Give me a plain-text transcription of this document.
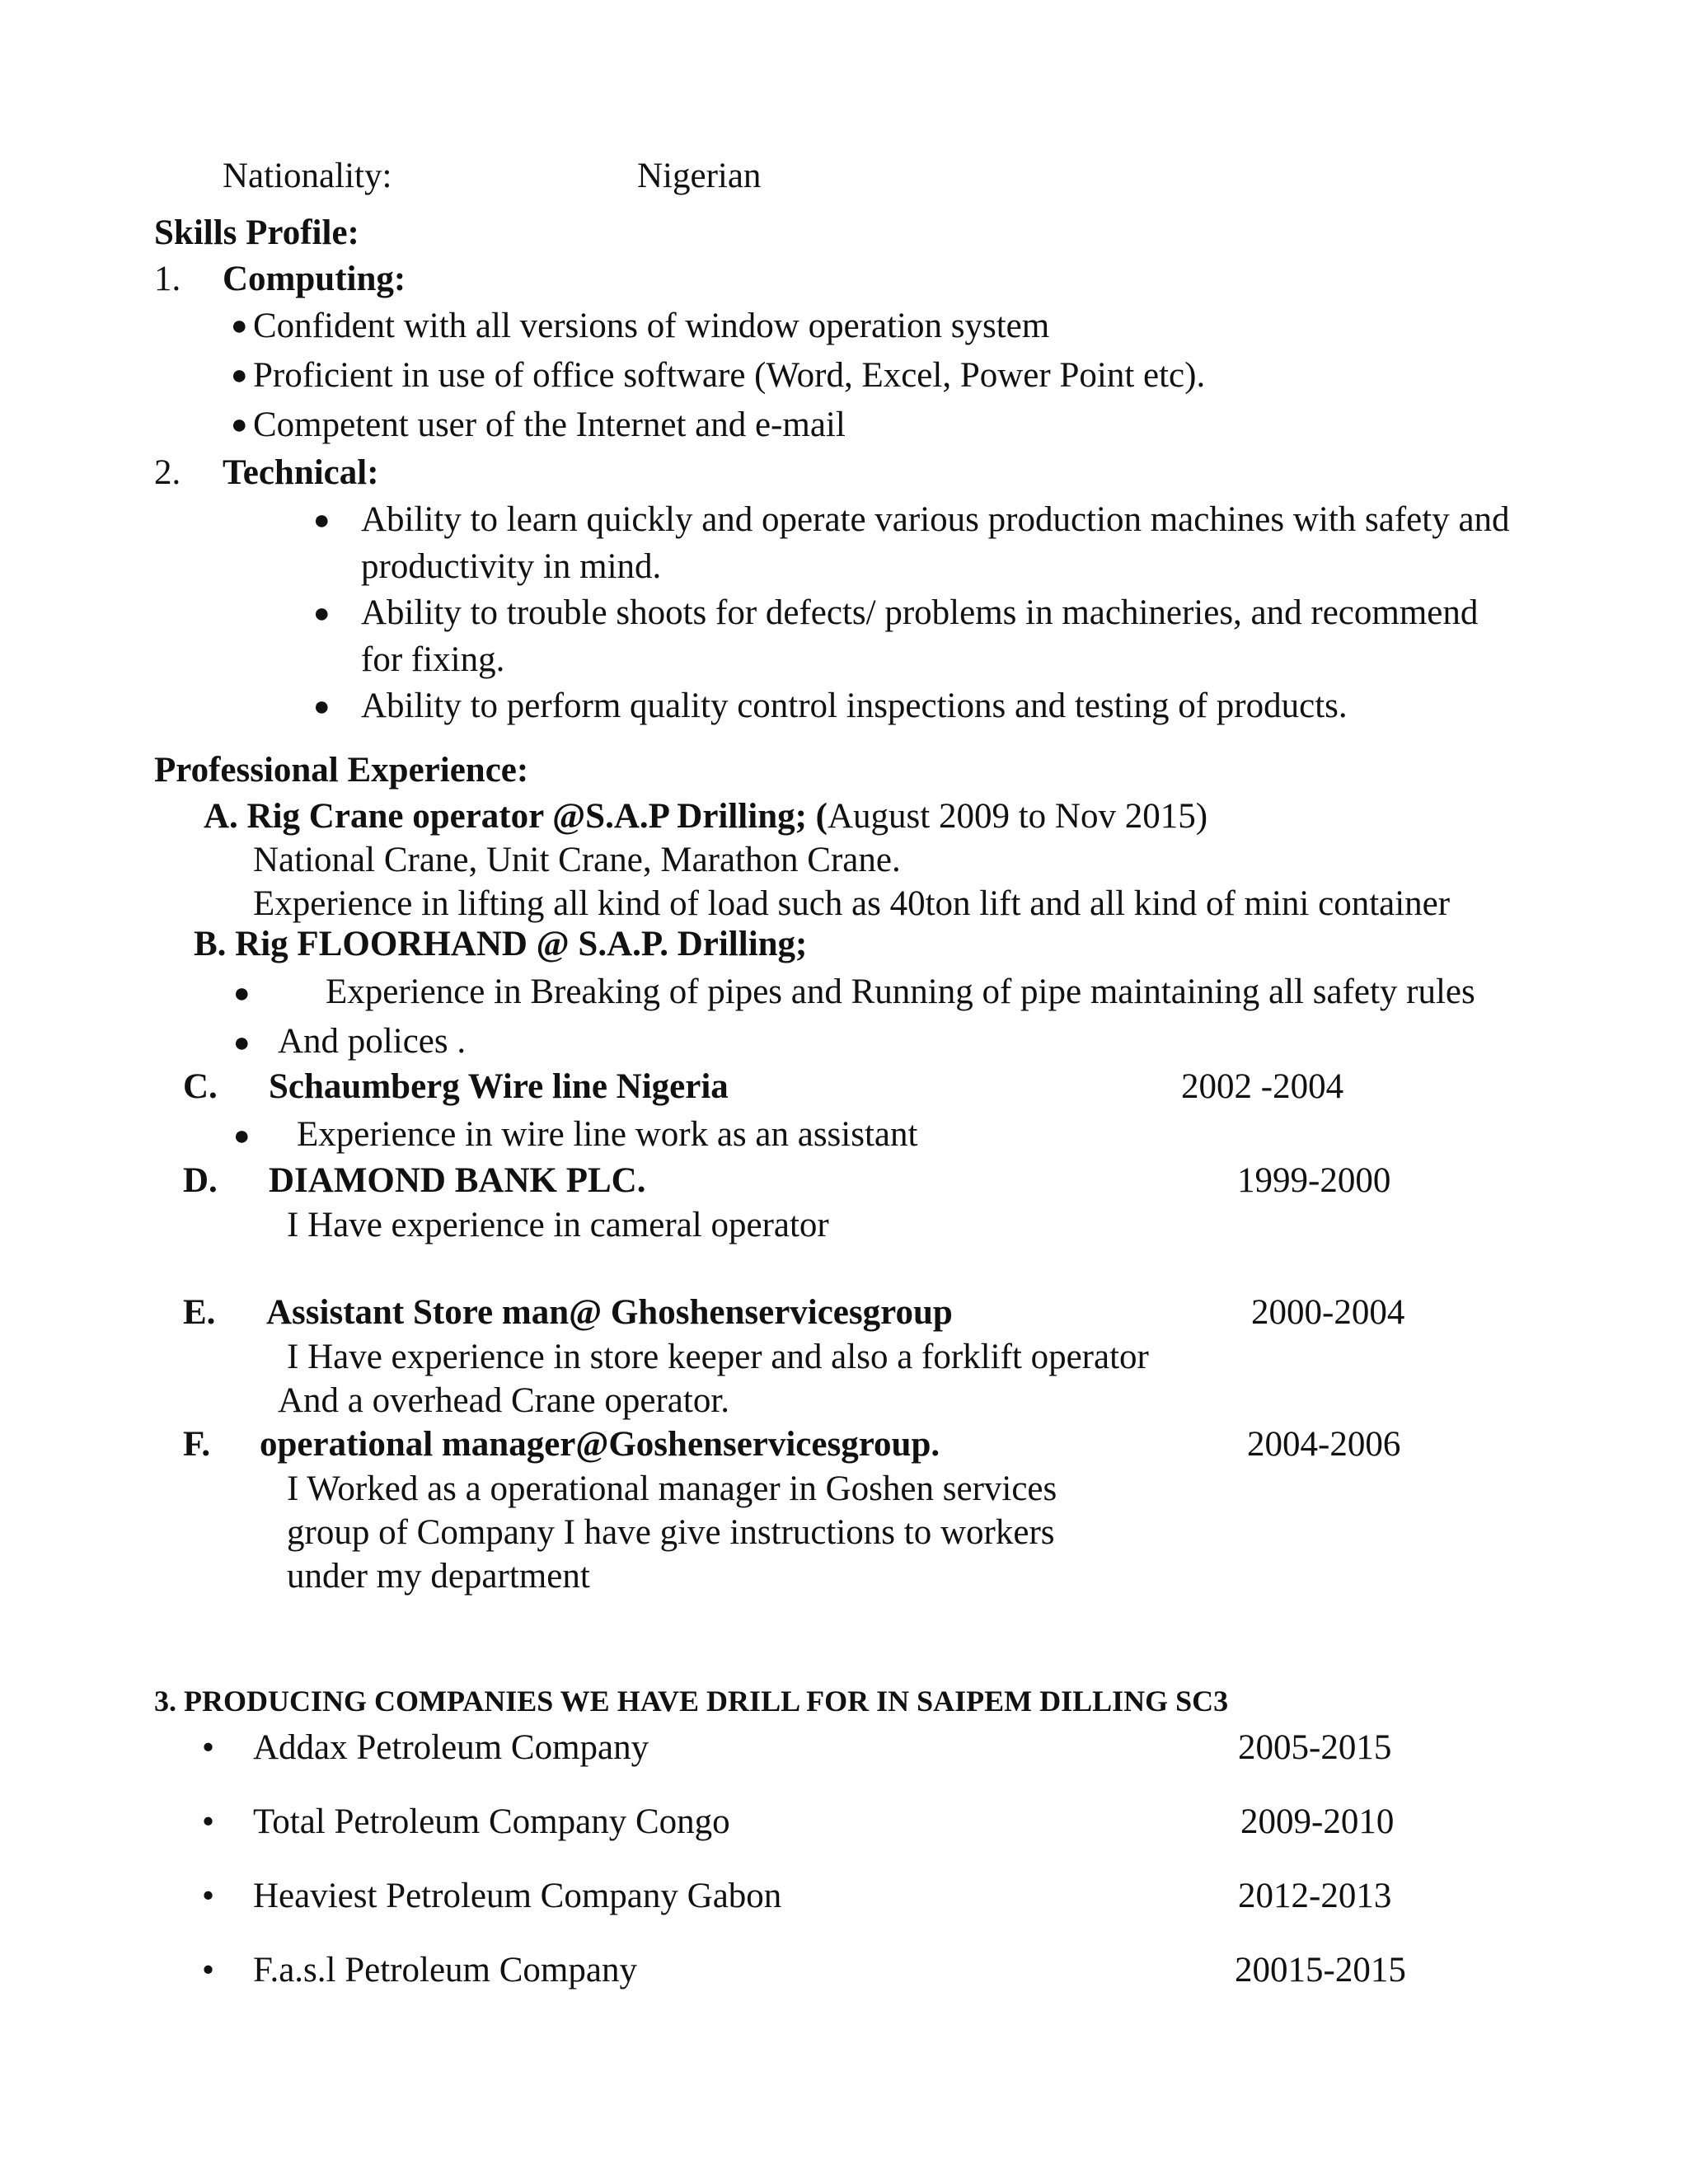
Nationality:	Nigerian
Skills Profile:
1. Computing:
● Confident with all versions of window operation system
● Proficient in use of office software (Word, Excel, Power Point etc).
● Competent user of the Internet and e-mail
2. Technical:
● Ability to learn quickly and operate various production machines with safety and
productivity in mind.
● Ability to trouble shoots for defects/ problems in machineries, and recommend
for fixing.
● Ability to perform quality control inspections and testing of products.
Professional Experience:
A. Rig Crane operator @S.A.P Drilling; (August 2009 to Nov 2015)
National Crane, Unit Crane, Marathon Crane.
Experience in lifting all kind of load such as 40ton lift and all kind of mini container
B. Rig FLOORHAND @ S.A.P. Drilling;
● Experience in Breaking of pipes and Running of pipe maintaining all safety rules
● And polices .
C. Schaumberg Wire line Nigeria	2002 -2004
● Experience in wire line work as an assistant
D. DIAMOND BANK PLC.	1999-2000
I Have experience in cameral operator
E. Assistant Store man@ Ghoshenservicesgroup	2000-2004
I Have experience in store keeper and also a forklift operator
And a overhead Crane operator.
F. operational manager@Goshenservicesgroup.	2004-2006
I Worked as a operational manager in Goshen services
group of Company I have give instructions to workers
under my department
3. PRODUCING COMPANIES WE HAVE DRILL FOR IN SAIPEM DILLING SC3
• Addax Petroleum Company	2005-2015
• Total Petroleum Company Congo	2009-2010
• Heaviest Petroleum Company Gabon	2012-2013
• F.a.s.l Petroleum Company	20015-2015
